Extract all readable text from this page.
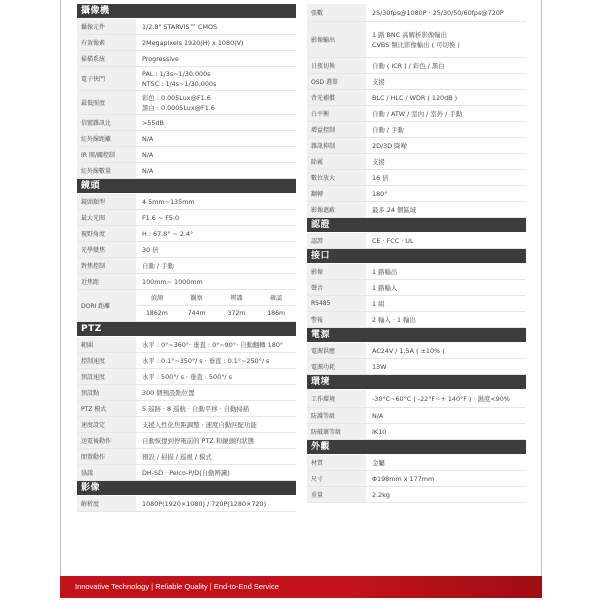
攝像機
攝像元件	1/2.8" STARVIS™ CMOS
有效像素	2Megapixels 1920(H) x 1080(V)
掃描系統	Progressive
電子快門
PAL : 1/3s~1/30,000s
NTSC : 1/4s~1/30,000s
最低照度
彩色 : 0.005Lux@F1.6
黑白 : 0.0005Lux@F1.6
信號雜訊比	>55dB
紅外線距離	N/A
IR 開/關控制	N/A
紅外線數量	N/A
鏡頭
鏡頭類型	4.5mm~135mm
最大光圈	F1.6 ~ F5.0
視野角度	H : 67.8° ~ 2.4°
光學變焦	30 倍
對焦控制	自動 / 手動
近焦距	100mm~ 1000mm
DORI 距離
偵測	觀察	辨識	確認
1862m	744m	372m	186m
PTZ
範圍	水平 : 0°~360°· 垂直 : 0°~90°· 自動翻轉 180°
控制速度	水平 : 0.1°~350°/ s · 垂直 : 0.1°~250°/ s
預設速度	水平 : 500°/ s · 垂直 : 500°/ s
預設點	300 個預設點位置
PTZ 模式	5 巡跡 · 8 巡航 · 自動平移 · 自動掃描
速度設定	支援人性化焦距調整 · 速度自動匹配功能
送電後動作	自動恢復到停電前的 PTZ 和鏡頭的狀態
閒置動作	預設 / 掃描 / 巡視 / 模式
協議	DH-SD · Pelco-P/D(自動辨識)
影像
解析度	1080P(1920×1080) / 720P(1280×720)
張數	25/30fps@1080P · 25/30/50/60fps@720P
影像輸出
1 路 BNC 高解析影像輸出
CVBS 類比影像輸出 ( 可切換 )
日夜切換	自動 ( ICR ) / 彩色 / 黑白
OSD 選單	支援
背光補償	BLC / HLC / WDR ( 120dB )
白平衡	自動 / ATW / 室內 / 室外 / 手動
增益控制	自動 / 手動
雜訊抑制	2D/3D 降噪
除霧	支援
數位放大	16 倍
翻轉	180°
影像遮蔽	最多 24 個區域
認證
認證	CE · FCC · UL
接口
影像	1 路輸出
聲音	1 路輸入
RS485	1 組
警報	2 輸入 · 1 輸出
電源
電源供應	AC24V / 1.5A ( ±10% )
電源功耗	13W
環境
工作環境	-30°C~60°C ( -22°F~+ 140°F ) · 濕度<90%
防護等級	N/A
防破壞等級	IK10
外觀
材質	金屬
尺寸	Φ198mm x 177mm
重量	2.2kg
Innovative Technology | Reliable Quality | End-to-End Service
